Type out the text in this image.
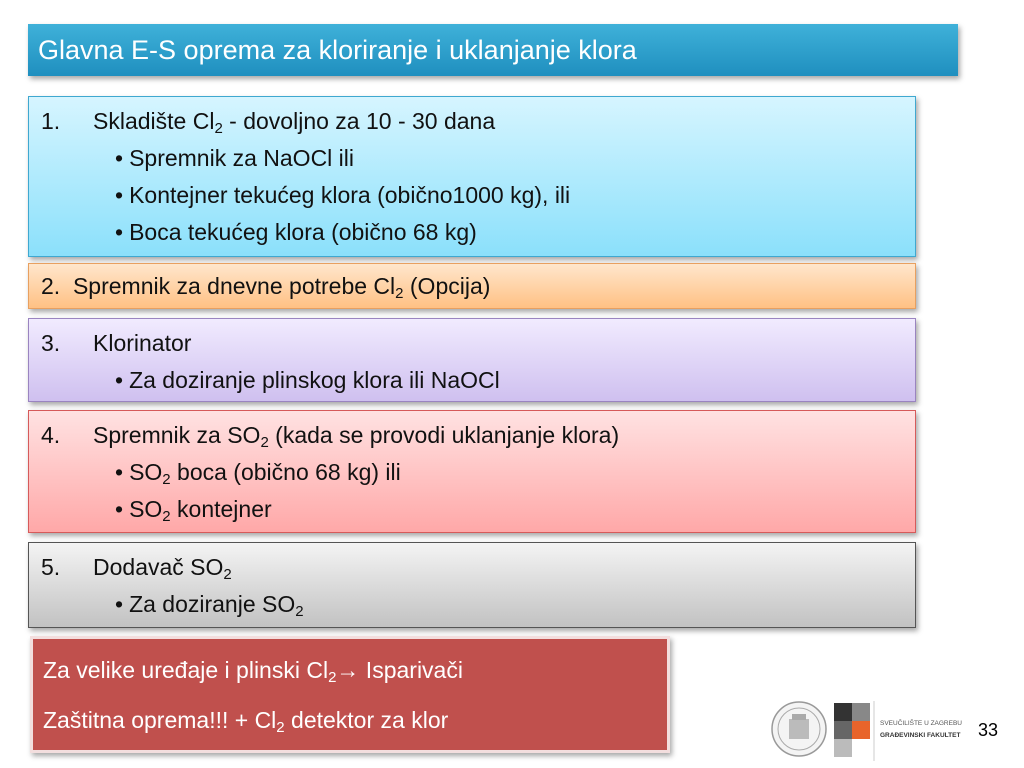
Glavna E-S oprema za kloriranje i uklanjanje klora
1. Skladište $Cl_2$ - dovoljno za 10 - 30 dana
• Spremnik za NaOCl ili
• Kontejner tekućeg klora (obično1000 kg), ili
• Boca tekućeg klora (obično 68 kg)
2. Spremnik za dnevne potrebe $Cl_2$ (Opcija)
3. Klorinator
• Za doziranje plinskog klora ili NaOCl
4. Spremnik za $SO_2$ (kada se provodi uklanjanje klora)
• $SO_2$ boca (obično 68 kg) ili
• $SO_2$ kontejner
5. Dodavač $SO_2$
• Za doziranje $SO_2$
Za velike uređaje i plinski $Cl_2\to$ Isparivači
Zaštitna oprema!!! + $Cl_2$ detektor za klor	SVEUČILIŠTE U ZAGREBU
GRAĐEVINSKI FAKULTET 33
